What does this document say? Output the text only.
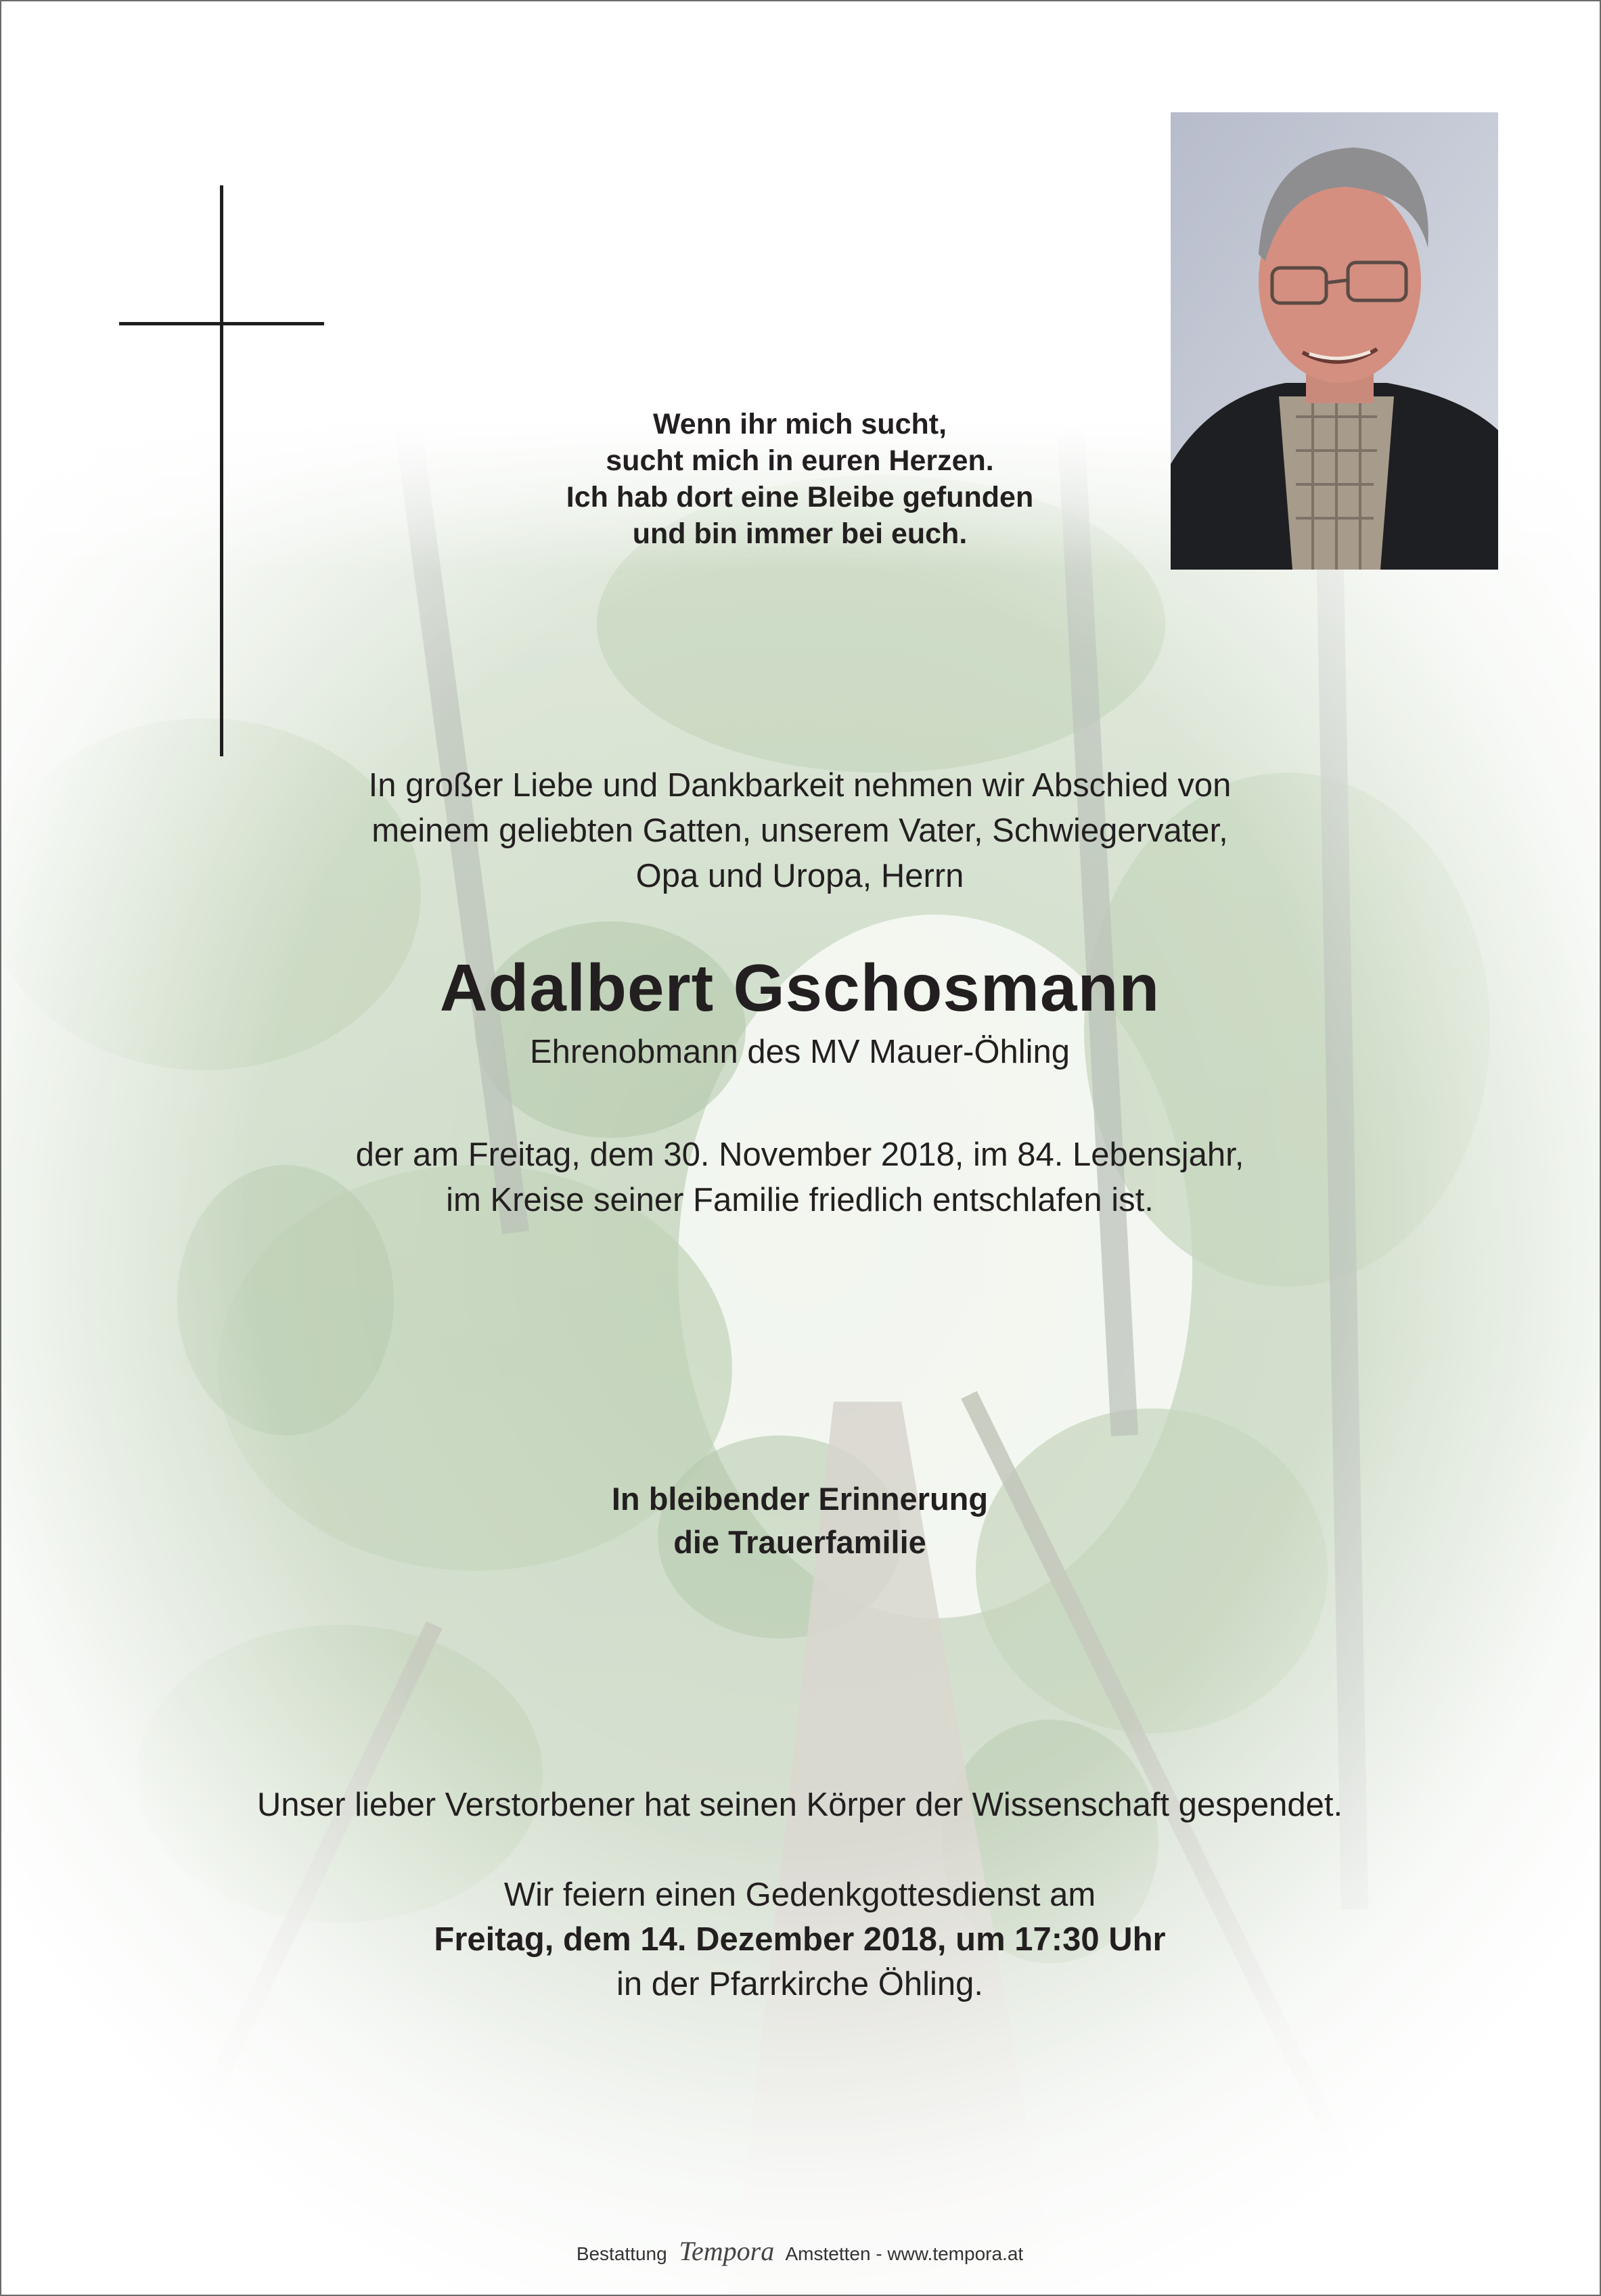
Wenn ihr mich sucht,
sucht mich in euren Herzen.
Ich hab dort eine Bleibe gefunden
und bin immer bei euch.
In großer Liebe und Dankbarkeit nehmen wir Abschied von
meinem geliebten Gatten, unserem Vater, Schwiegervater,
Opa und Uropa, Herrn
Adalbert Gschosmann
Ehrenobmann des MV Mauer-Öhling
der am Freitag, dem 30. November 2018, im 84. Lebensjahr,
im Kreise seiner Familie friedlich entschlafen ist.
In bleibender Erinnerung
die Trauerfamilie
Unser lieber Verstorbener hat seinen Körper der Wissenschaft gespendet.
Wir feiern einen Gedenkgottesdienst am
Freitag, dem 14. Dezember 2018, um 17:30 Uhr
in der Pfarrkirche Öhling.
Bestattung Tempora Amstetten - www.tempora.at
